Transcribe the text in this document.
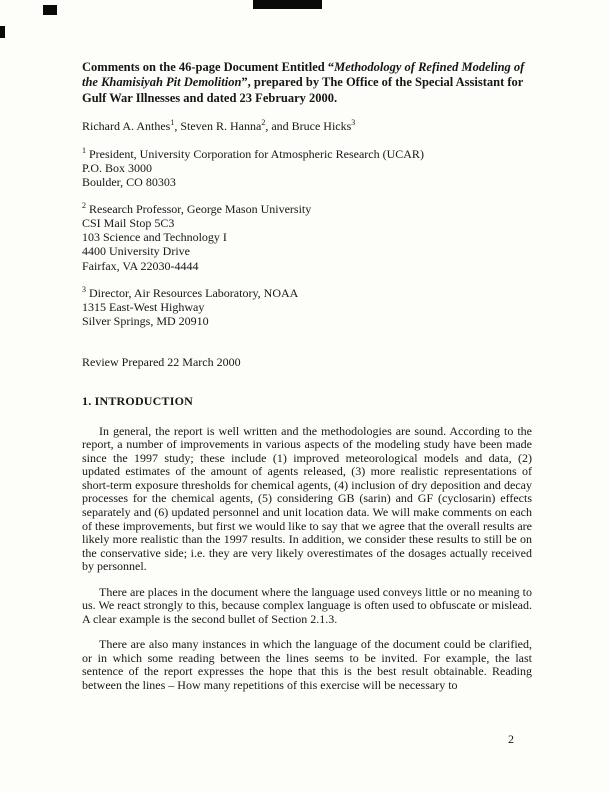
Comments on the 46-page Document Entitled “Methodology of Refined Modeling of the Khamisiyah Pit Demolition”, prepared by The Office of the Special Assistant for Gulf War Illnesses and dated 23 February 2000.

Richard A. Anthes$^1$, Steven R. Hanna$^2$, and Bruce Hicks$^3$

$^1$ President, University Corporation for Atmospheric Research (UCAR)

P.O. Box 3000

Boulder, CO 80303

$^2$ Research Professor, George Mason University

CSI Mail Stop 5C3

103 Science and Technology I

4400 University Drive

Fairfax, VA 22030-4444

$^3$ Director, Air Resources Laboratory, NOAA

1315 East-West Highway

Silver Springs, MD 20910

Review Prepared 22 March 2000

1. INTRODUCTION

In general, the report is well written and the methodologies are sound. According to the report, a number of improvements in various aspects of the modeling study have been made since the 1997 study; these include (1) improved meteorological models and data, (2) updated estimates of the amount of agents released, (3) more realistic representations of short-term exposure thresholds for chemical agents, (4) inclusion of dry deposition and decay processes for the chemical agents, (5) considering GB (sarin) and GF (cyclosarin) effects separately and (6) updated personnel and unit location data. We will make comments on each of these improvements, but first we would like to say that we agree that the overall results are likely more realistic than the 1997 results. In addition, we consider these results to still be on the conservative side; i.e. they are very likely overestimates of the dosages actually received by personnel.

There are places in the document where the language used conveys little or no meaning to us. We react strongly to this, because complex language is often used to obfuscate or mislead. A clear example is the second bullet of Section 2.1.3.

There are also many instances in which the language of the document could be clarified, or in which some reading between the lines seems to be invited. For example, the last sentence of the report expresses the hope that this is the best result obtainable. Reading between the lines – How many repetitions of this exercise will be necessary to

2
